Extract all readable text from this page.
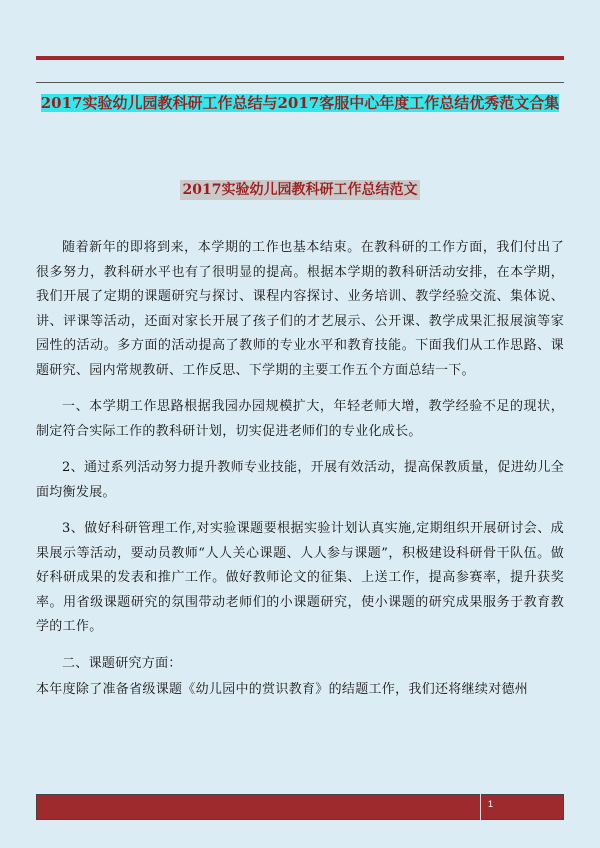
2017实验幼儿园教科研工作总结与2017客服中心年度工作总结优秀范文合集
2017实验幼儿园教科研工作总结范文

随着新年的即将到来，本学期的工作也基本结束。在教科研的工作方面，我们付出了很多努力，教科研水平也有了很明显的提高。根据本学期的教科研活动安排，在本学期，我们开展了定期的课题研究与探讨、课程内容探讨、业务培训、教学经验交流、集体说、讲、评课等活动，还面对家长开展了孩子们的才艺展示、公开课、教学成果汇报展演等家园性的活动。多方面的活动提高了教师的专业水平和教育技能。下面我们从工作思路、课题研究、园内常规教研、工作反思、下学期的主要工作五个方面总结一下。

一、本学期工作思路根据我园办园规模扩大，年轻老师大增，教学经验不足的现状，制定符合实际工作的教科研计划，切实促进老师们的专业化成长。

2、通过系列活动努力提升教师专业技能，开展有效活动，提高保教质量，促进幼儿全面均衡发展。

3、做好科研管理工作,对实验课题要根据实验计划认真实施,定期组织开展研讨会、成果展示等活动，要动员教师“人人关心课题、人人参与课题”，积极建设科研骨干队伍。做好科研成果的发表和推广工作。做好教师论文的征集、上送工作，提高参赛率，提升获奖率。用省级课题研究的氛围带动老师们的小课题研究，使小课题的研究成果服务于教育教学的工作。

二、课题研究方面：

本年度除了准备省级课题《幼儿园中的赏识教育》的结题工作，我们还将继续对德州

1
